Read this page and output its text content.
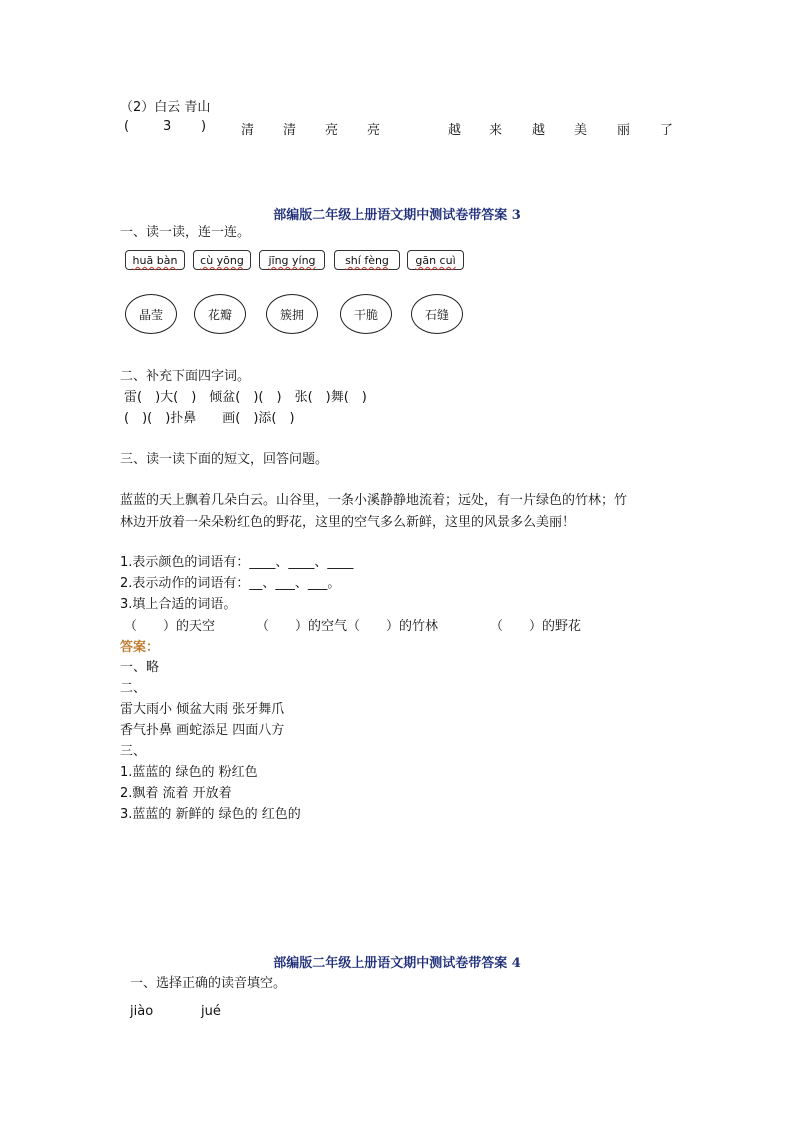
（2）白云 青山
(	3 )	清 清 亮 亮	越 来 越 美 丽 了
部编版二年级上册语文期中测试卷带答案 3
一、读一读，连一连。
huā bàn	cù yōng	jīng yíng	shí fèng	gān cuì
晶莹	花瓣	簇拥	干脆	石缝
二、补充下面四字词。
雷(　)大(　)　倾盆(　)(　)　张(　)舞(　)
(　)(　)扑鼻　　画(　)添(　)
三、读一读下面的短文，回答问题。
蓝蓝的天上飘着几朵白云。山谷里，一条小溪静静地流着；远处，有一片绿色的竹林；竹
林边开放着一朵朵粉红色的野花，这里的空气多么新鲜，这里的风景多么美丽！
1.表示颜色的词语有：____、____、____
2.表示动作的词语有：__、___、___。
3.填上合适的词语。
（　　）的天空	（　　）的空气（　　）的竹林	（　　）的野花
答案：
一、略
二、
雷大雨小 倾盆大雨 张牙舞爪
香气扑鼻 画蛇添足 四面八方
三、
1.蓝蓝的 绿色的 粉红色
2.飘着 流着 开放着
3.蓝蓝的 新鲜的 绿色的 红色的
部编版二年级上册语文期中测试卷带答案 4
一、选择正确的读音填空。
jiào	jué
